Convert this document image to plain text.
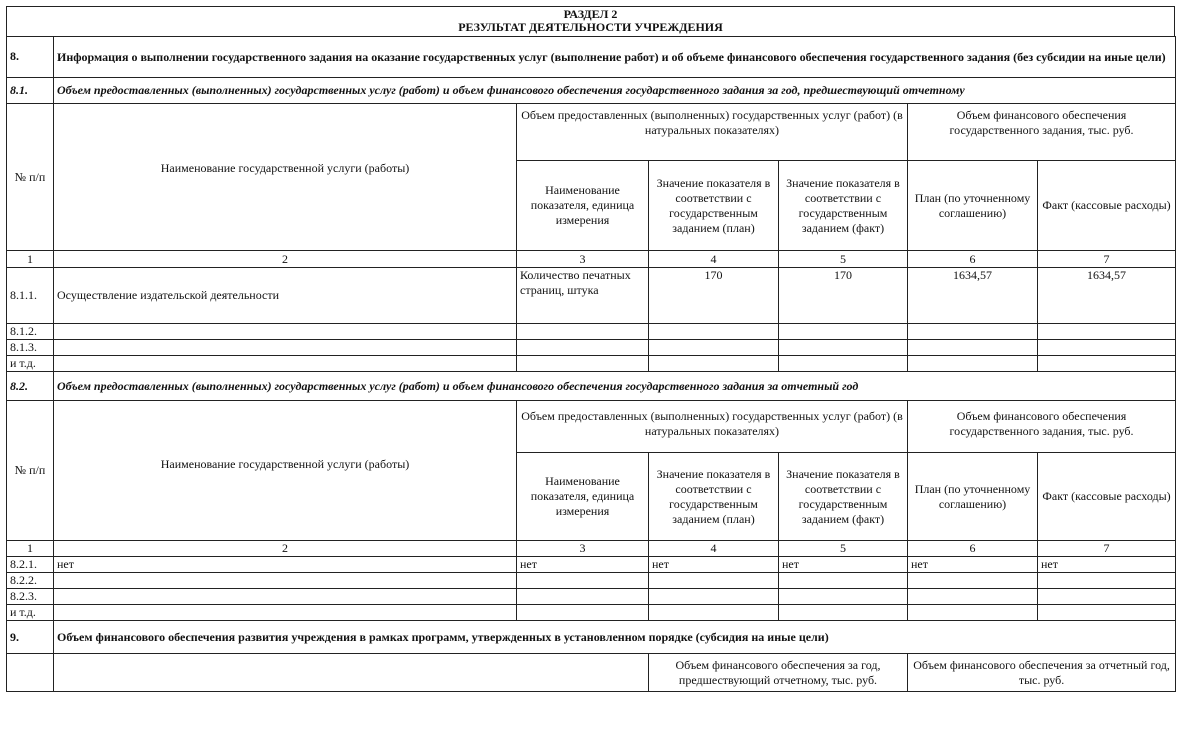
РАЗДЕЛ 2
РЕЗУЛЬТАТ ДЕЯТЕЛЬНОСТИ УЧРЕЖДЕНИЯ
8.	Информация о выполнении государственного задания на оказание государственных услуг (выполнение работ) и об объеме финансового обеспечения государственного задания (без субсидии на иные цели)					
8.1.	Объем предоставленных (выполненных) государственных услуг (работ) и объем финансового обеспечения государственного задания за год, предшествующий отчетному					
№ п/п	Наименование государственной услуги (работы)	Объем предоставленных (выполненных) государственных услуг (работ) (в натуральных показателях)			Объем финансового обеспечения государственного задания, тыс. руб.	
		Наименование показателя, единица измерения	Значение показателя в соответствии с государственным заданием (план)	Значение показателя в соответствии с государственным заданием (факт)	План (по уточненному соглашению)	Факт (кассовые расходы)
1	2	3	4	5	6	7
8.1.1.	Осуществление издательской деятельности	Количество печатных страниц, штука	170	170	1634,57	1634,57
8.1.2.						
8.1.3.						
и т.д.						
8.2.	Объем предоставленных (выполненных) государственных услуг (работ) и объем финансового обеспечения государственного задания за отчетный год					
№ п/п	Наименование государственной услуги (работы)	Объем предоставленных (выполненных) государственных услуг (работ) (в натуральных показателях)			Объем финансового обеспечения государственного задания, тыс. руб.	
		Наименование показателя, единица измерения	Значение показателя в соответствии с государственным заданием (план)	Значение показателя в соответствии с государственным заданием (факт)	План (по уточненному соглашению)	Факт (кассовые расходы)
1	2	3	4	5	6	7
8.2.1.	нет	нет	нет	нет	нет	нет
8.2.2.						
8.2.3.						
и т.д.						
9.	Объем финансового обеспечения развития учреждения в рамках программ, утвержденных в установленном порядке (субсидия на иные цели)					
			Объем финансового обеспечения за год, предшествующий отчетному, тыс. руб.		Объем финансового обеспечения за отчетный год, тыс. руб.	
